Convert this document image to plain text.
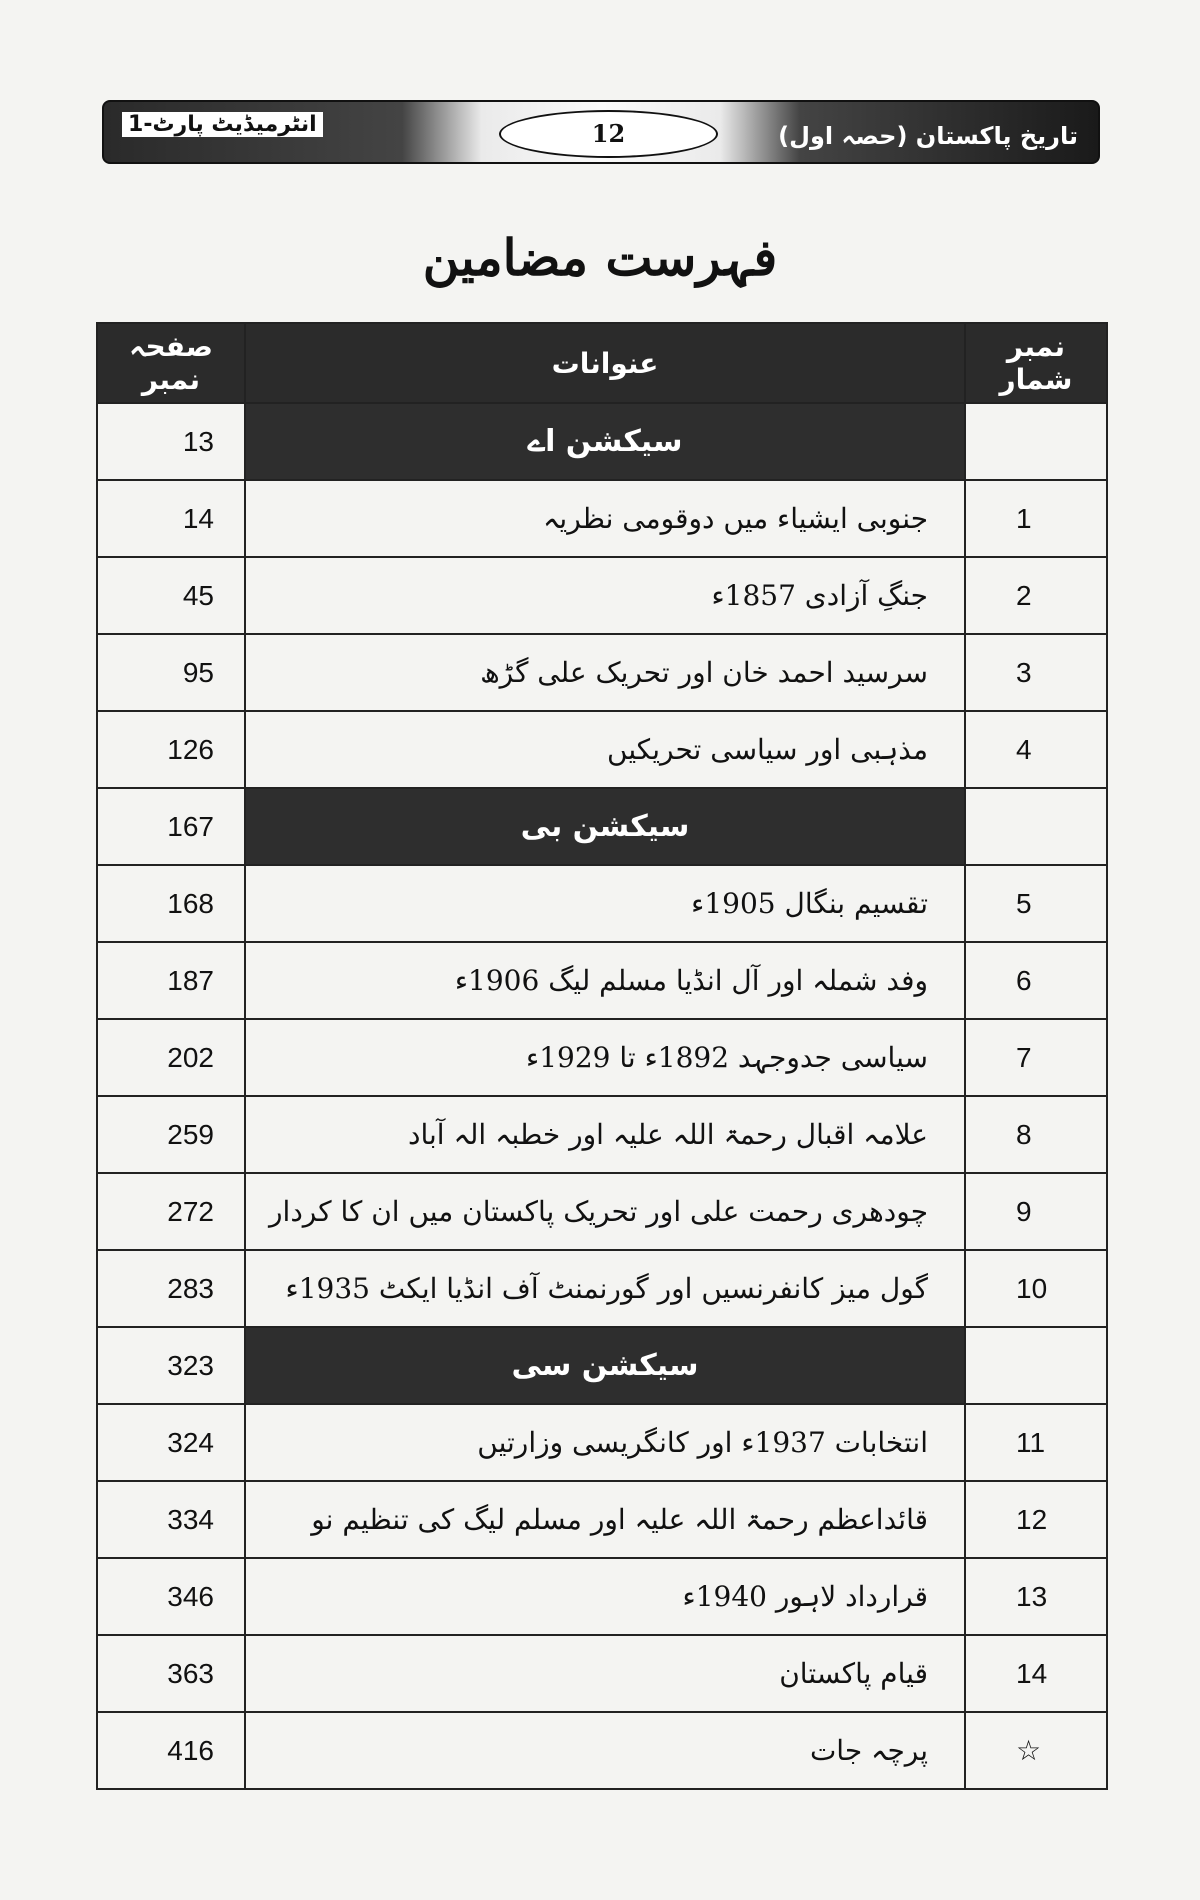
انٹرمیڈیٹ پارٹ-1	12	تاریخ پاکستان (حصہ اول)
فہرست مضامین
صفحہ نمبر	عنوانات	نمبر شمار
13	سیکشن اے	
14	جنوبی ایشیاء میں دوقومی نظریہ	1
45	جنگِ آزادی 1857ء	2
95	سرسید احمد خان اور تحریک علی گڑھ	3
126	مذہبی اور سیاسی تحریکیں	4
167	سیکشن بی	
168	تقسیم بنگال 1905ء	5
187	وفد شملہ اور آل انڈیا مسلم لیگ 1906ء	6
202	سیاسی جدوجہد 1892ء تا 1929ء	7
259	علامہ اقبال رحمۃ اللہ علیہ اور خطبہ الہ آباد	8
272	چودھری رحمت علی اور تحریک پاکستان میں ان کا کردار	9
283	گول میز کانفرنسیں اور گورنمنٹ آف انڈیا ایکٹ 1935ء	10
323	سیکشن سی	
324	انتخابات 1937ء اور کانگریسی وزارتیں	11
334	قائداعظم رحمۃ اللہ علیہ اور مسلم لیگ کی تنظیم نو	12
346	قرارداد لاہور 1940ء	13
363	قیام پاکستان	14
416	پرچہ جات	☆
